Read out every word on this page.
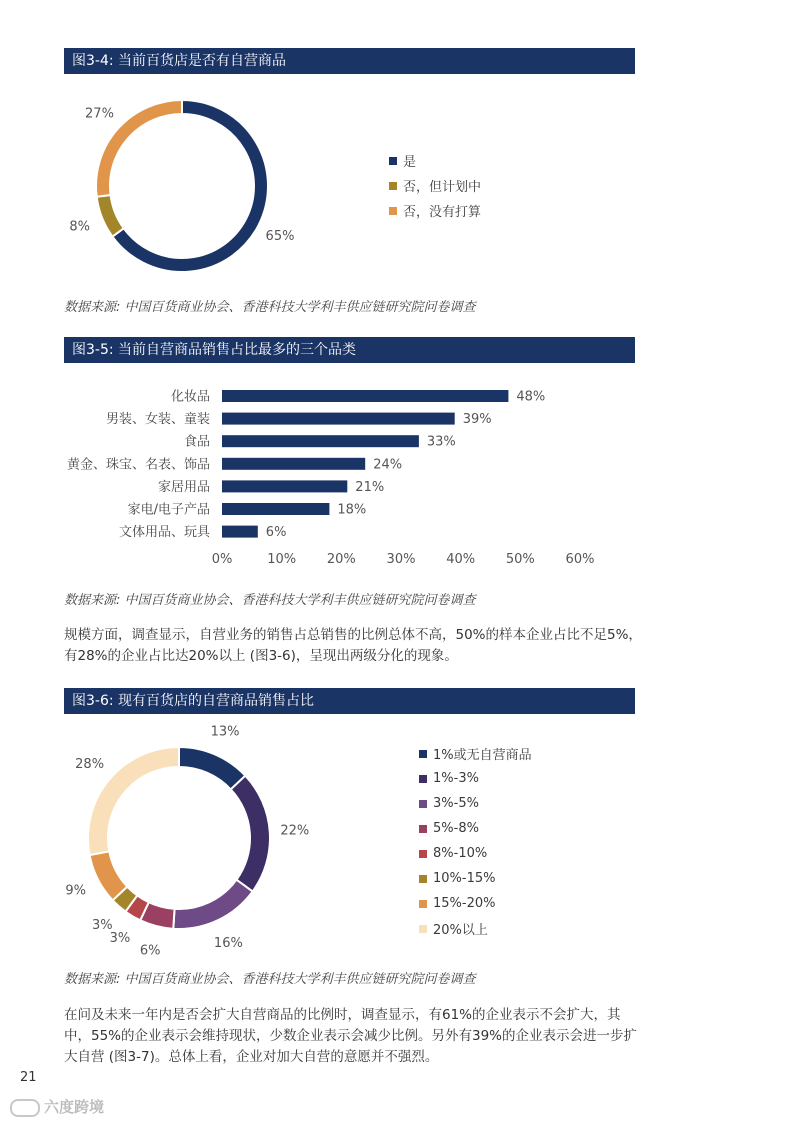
图3-4: 当前百货店是否有自营商品
65%
8%
27%
是
否，但计划中
否，没有打算
数据来源: 中国百货商业协会、香港科技大学利丰供应链研究院问卷调查
图3-5: 当前自营商品销售占比最多的三个品类
化妆品	48%
男装、女装、童装	39%
食品	33%
黄金、珠宝、名表、饰品	24%
家居用品	21%
家电/电子产品	18%
文体用品、玩具	6%
0%	10% 20% 30% 40% 50% 60%
数据来源: 中国百货商业协会、香港科技大学利丰供应链研究院问卷调查
规模方面，调查显示，自营业务的销售占总销售的比例总体不高，50%的样本企业占比不足5%，有28%的企业占比达20%以上 (图3-6)，呈现出两级分化的现象。
图3-6: 现有百货店的自营商品销售占比
13%
22%
16%
6%
3%
3%
9%
28%
1%或无自营商品
1%-3%
3%-5%
5%-8%
8%-10%
10%-15%
15%-20%
20%以上
数据来源: 中国百货商业协会、香港科技大学利丰供应链研究院问卷调查
在问及未来一年内是否会扩大自营商品的比例时，调查显示，有61%的企业表示不会扩大，其中，55%的企业表示会维持现状，少数企业表示会减少比例。另外有39%的企业表示会进一步扩大自营 (图3-7)。总体上看，企业对加大自营的意愿并不强烈。
21
六度跨境
